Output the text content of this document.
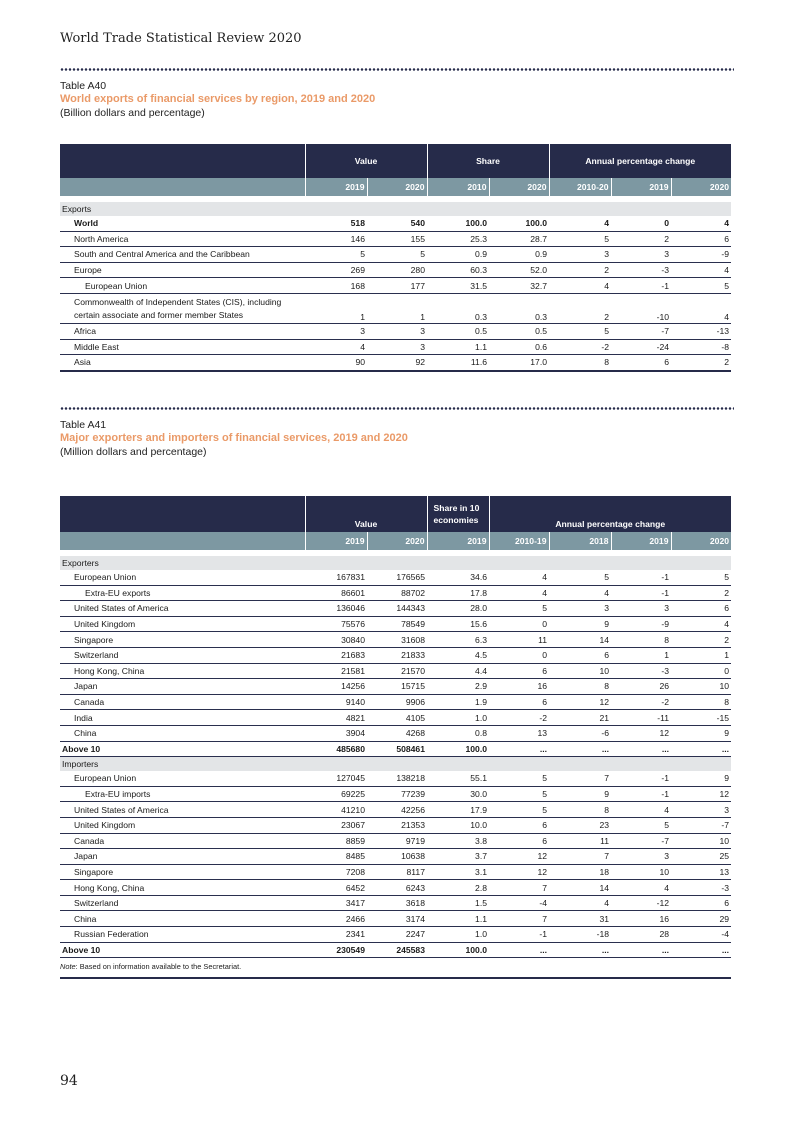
World Trade Statistical Review 2020
Table A40
World exports of financial services by region, 2019 and 2020
(Billion dollars and percentage)
	Value		Share		Annual percentage change		
	2019	2020	2010	2020	2010-20	2019	2020

Exports							
World	518	540	100.0	100.0	4	0	4
North America	146	155	25.3	28.7	5	2	6
South and Central America and the Caribbean	5	5	0.9	0.9	3	3	-9
Europe	269	280	60.3	52.0	2	-3	4
European Union	168	177	31.5	32.7	4	-1	5
Commonwealth of Independent States (CIS), including certain associate and former member States	1	1	0.3	0.3	2	-10	4
Africa	3	3	0.5	0.5	5	-7	-13
Middle East	4	3	1.1	0.6	-2	-24	-8
Asia	90	92	11.6	17.0	8	6	2
Table A41
Major exporters and importers of financial services, 2019 and 2020
(Million dollars and percentage)
	Value		Share in 10 economies	Annual percentage change			
	2019	2020	2019	2010-19	2018	2019	2020

Exporters							
European Union	167831	176565	34.6	4	5	-1	5
Extra-EU exports	86601	88702	17.8	4	4	-1	2
United States of America	136046	144343	28.0	5	3	3	6
United Kingdom	75576	78549	15.6	0	9	-9	4
Singapore	30840	31608	6.3	11	14	8	2
Switzerland	21683	21833	4.5	0	6	1	1
Hong Kong, China	21581	21570	4.4	6	10	-3	0
Japan	14256	15715	2.9	16	8	26	10
Canada	9140	9906	1.9	6	12	-2	8
India	4821	4105	1.0	-2	21	-11	-15
China	3904	4268	0.8	13	-6	12	9
Above 10	485680	508461	100.0	...	...	...	...
Importers							
European Union	127045	138218	55.1	5	7	-1	9
Extra-EU imports	69225	77239	30.0	5	9	-1	12
United States of America	41210	42256	17.9	5	8	4	3
United Kingdom	23067	21353	10.0	6	23	5	-7
Canada	8859	9719	3.8	6	11	-7	10
Japan	8485	10638	3.7	12	7	3	25
Singapore	7208	8117	3.1	12	18	10	13
Hong Kong, China	6452	6243	2.8	7	14	4	-3
Switzerland	3417	3618	1.5	-4	4	-12	6
China	2466	3174	1.1	7	31	16	29
Russian Federation	2341	2247	1.0	-1	-18	28	-4
Above 10	230549	245583	100.0	...	...	...	...
Note: Based on information available to the Secretariat.
94
